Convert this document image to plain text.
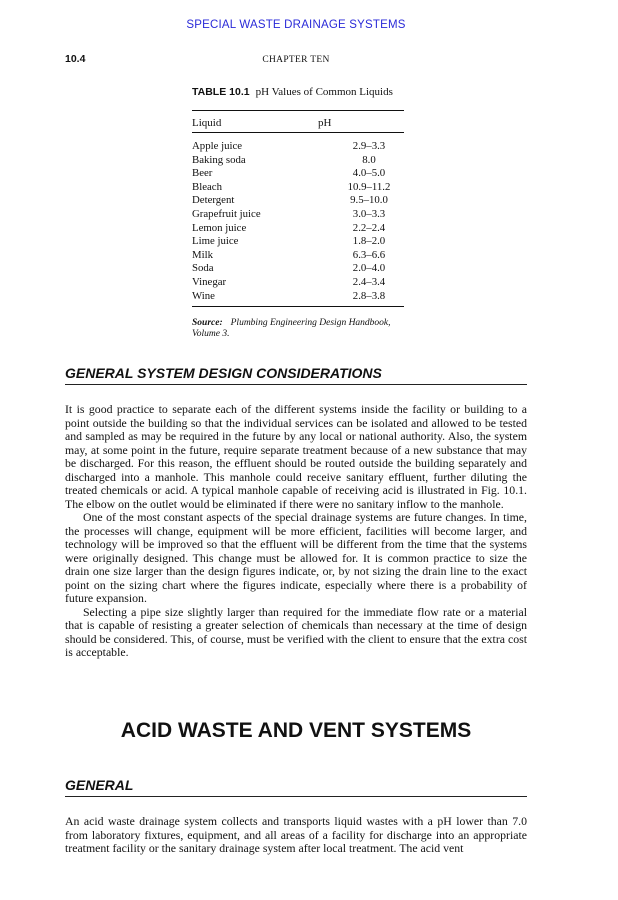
SPECIAL WASTE DRAINAGE SYSTEMS
10.4	CHAPTER TEN
TABLE 10.1 pH Values of Common Liquids
Liquid	pH
Apple juice	2.9–3.3
Baking soda	8.0
Beer	4.0–5.0
Bleach	10.9–11.2
Detergent	9.5–10.0
Grapefruit juice	3.0–3.3
Lemon juice	2.2–2.4
Lime juice	1.8–2.0
Milk	6.3–6.6
Soda	2.0–4.0
Vinegar	2.4–3.4
Wine	2.8–3.8
Source: Plumbing Engineering Design Handbook, Volume 3.
GENERAL SYSTEM DESIGN CONSIDERATIONS

It is good practice to separate each of the different systems inside the facility or building to a point outside the building so that the individual services can be isolated and allowed to be tested and sampled as may be required in the future by any local or national authority. Also, the system may, at some point in the future, require separate treatment because of a new substance that may be discharged. For this reason, the effluent should be routed outside the building separately and discharged into a manhole. This manhole could receive sanitary effluent, further diluting the treated chemicals or acid. A typical manhole capable of receiving acid is illustrated in Fig. 10.1. The elbow on the outlet would be eliminated if there were no sanitary inflow to the manhole.

One of the most constant aspects of the special drainage systems are future changes. In time, the processes will change, equipment will be more efficient, facilities will become larger, and technology will be improved so that the effluent will be different from the time that the systems were originally designed. This change must be allowed for. It is common practice to size the drain one size larger than the design figures indicate, or, by not sizing the drain line to the exact point on the sizing chart where the figures indicate, especially where there is a probability of future expansion.

Selecting a pipe size slightly larger than required for the immediate flow rate or a material that is capable of resisting a greater selection of chemicals than necessary at the time of design should be considered. This, of course, must be verified with the client to ensure that the extra cost is acceptable.

ACID WASTE AND VENT SYSTEMS
GENERAL

An acid waste drainage system collects and transports liquid wastes with a pH lower than 7.0 from laboratory fixtures, equipment, and all areas of a facility for discharge into an appropriate treatment facility or the sanitary drainage system after local treatment. The acid vent
